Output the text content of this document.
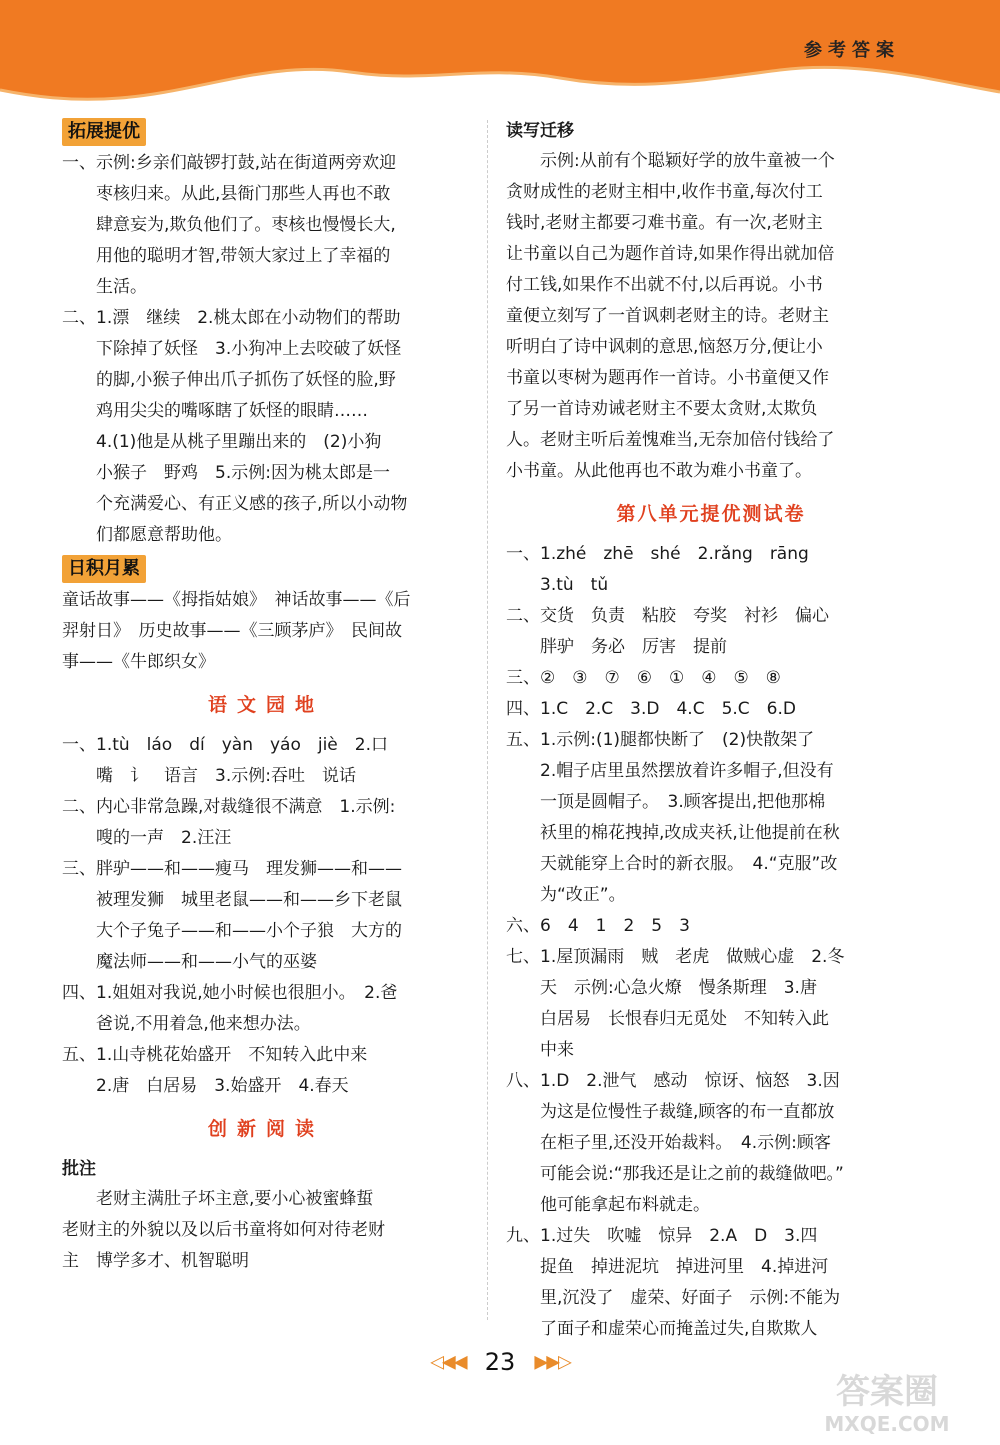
参考答案
拓展提优
一、示例:乡亲们敲锣打鼓,站在街道两旁欢迎
枣核归来。从此,县衙门那些人再也不敢
肆意妄为,欺负他们了。枣核也慢慢长大,
用他的聪明才智,带领大家过上了幸福的
生活。
二、1.漂　继续　2.桃太郎在小动物们的帮助
下除掉了妖怪　3.小狗冲上去咬破了妖怪
的脚,小猴子伸出爪子抓伤了妖怪的脸,野
鸡用尖尖的嘴啄瞎了妖怪的眼睛……
4.(1)他是从桃子里蹦出来的　(2)小狗
小猴子　野鸡　5.示例:因为桃太郎是一
个充满爱心、有正义感的孩子,所以小动物
们都愿意帮助他。
日积月累
童话故事——《拇指姑娘》　神话故事——《后
羿射日》　历史故事——《三顾茅庐》　民间故
事——《牛郎织女》
语文园地
一、1.tù　láo　dí　yàn　yáo　jiè　2.口
嘴　讠　语言　3.示例:吞吐　说话
二、内心非常急躁,对裁缝很不满意　1.示例:
嗖的一声　2.汪汪
三、胖驴——和——瘦马　理发狮——和——
被理发狮　城里老鼠——和——乡下老鼠
大个子兔子——和——小个子狼　大方的
魔法师——和——小气的巫婆
四、1.姐姐对我说,她小时候也很胆小。　2.爸
爸说,不用着急,他来想办法。
五、1.山寺桃花始盛开　不知转入此中来
2.唐　白居易　3.始盛开　4.春天
创新阅读
批注
老财主满肚子坏主意,要小心被蜜蜂蜇
老财主的外貌以及以后书童将如何对待老财
主　博学多才、机智聪明
读写迁移
示例:从前有个聪颖好学的放牛童被一个
贪财成性的老财主相中,收作书童,每次付工
钱时,老财主都要刁难书童。有一次,老财主
让书童以自己为题作首诗,如果作得出就加倍
付工钱,如果作不出就不付,以后再说。小书
童便立刻写了一首讽刺老财主的诗。老财主
听明白了诗中讽刺的意思,恼怒万分,便让小
书童以枣树为题再作一首诗。小书童便又作
了另一首诗劝诫老财主不要太贪财,太欺负
人。老财主听后羞愧难当,无奈加倍付钱给了
小书童。从此他再也不敢为难小书童了。
第八单元提优测试卷
一、1.zhé　zhē　shé　2.rǎng　rāng
3.tù　tǔ
二、交货　负责　粘胶　夸奖　衬衫　偏心
胖驴　务必　厉害　提前
三、②　③　⑦　⑥　①　④　⑤　⑧
四、1.C　2.C　3.D　4.C　5.C　6.D
五、1.示例:(1)腿都快断了　(2)快散架了
2.帽子店里虽然摆放着许多帽子,但没有
一顶是圆帽子。　3.顾客提出,把他那棉
袄里的棉花拽掉,改成夹袄,让他提前在秋
天就能穿上合时的新衣服。　4.“克服”改
为“改正”。
六、6　4　1　2　5　3
七、1.屋顶漏雨　贼　老虎　做贼心虚　2.冬
天　示例:心急火燎　慢条斯理　3.唐
白居易　长恨春归无觅处　不知转入此
中来
八、1.D　2.泄气　感动　惊讶、恼怒　3.因
为这是位慢性子裁缝,顾客的布一直都放
在柜子里,还没开始裁料。　4.示例:顾客
可能会说:“那我还是让之前的裁缝做吧。”
他可能拿起布料就走。
九、1.过失　吹嘘　惊异　2.A　D　3.四
捉鱼　掉进泥坑　掉进河里　4.掉进河
里,沉没了　虚荣、好面子　示例:不能为
了面子和虚荣心而掩盖过失,自欺欺人
◁◀◀ 23 ▶▶▷
答案圈
MXQE.COM
